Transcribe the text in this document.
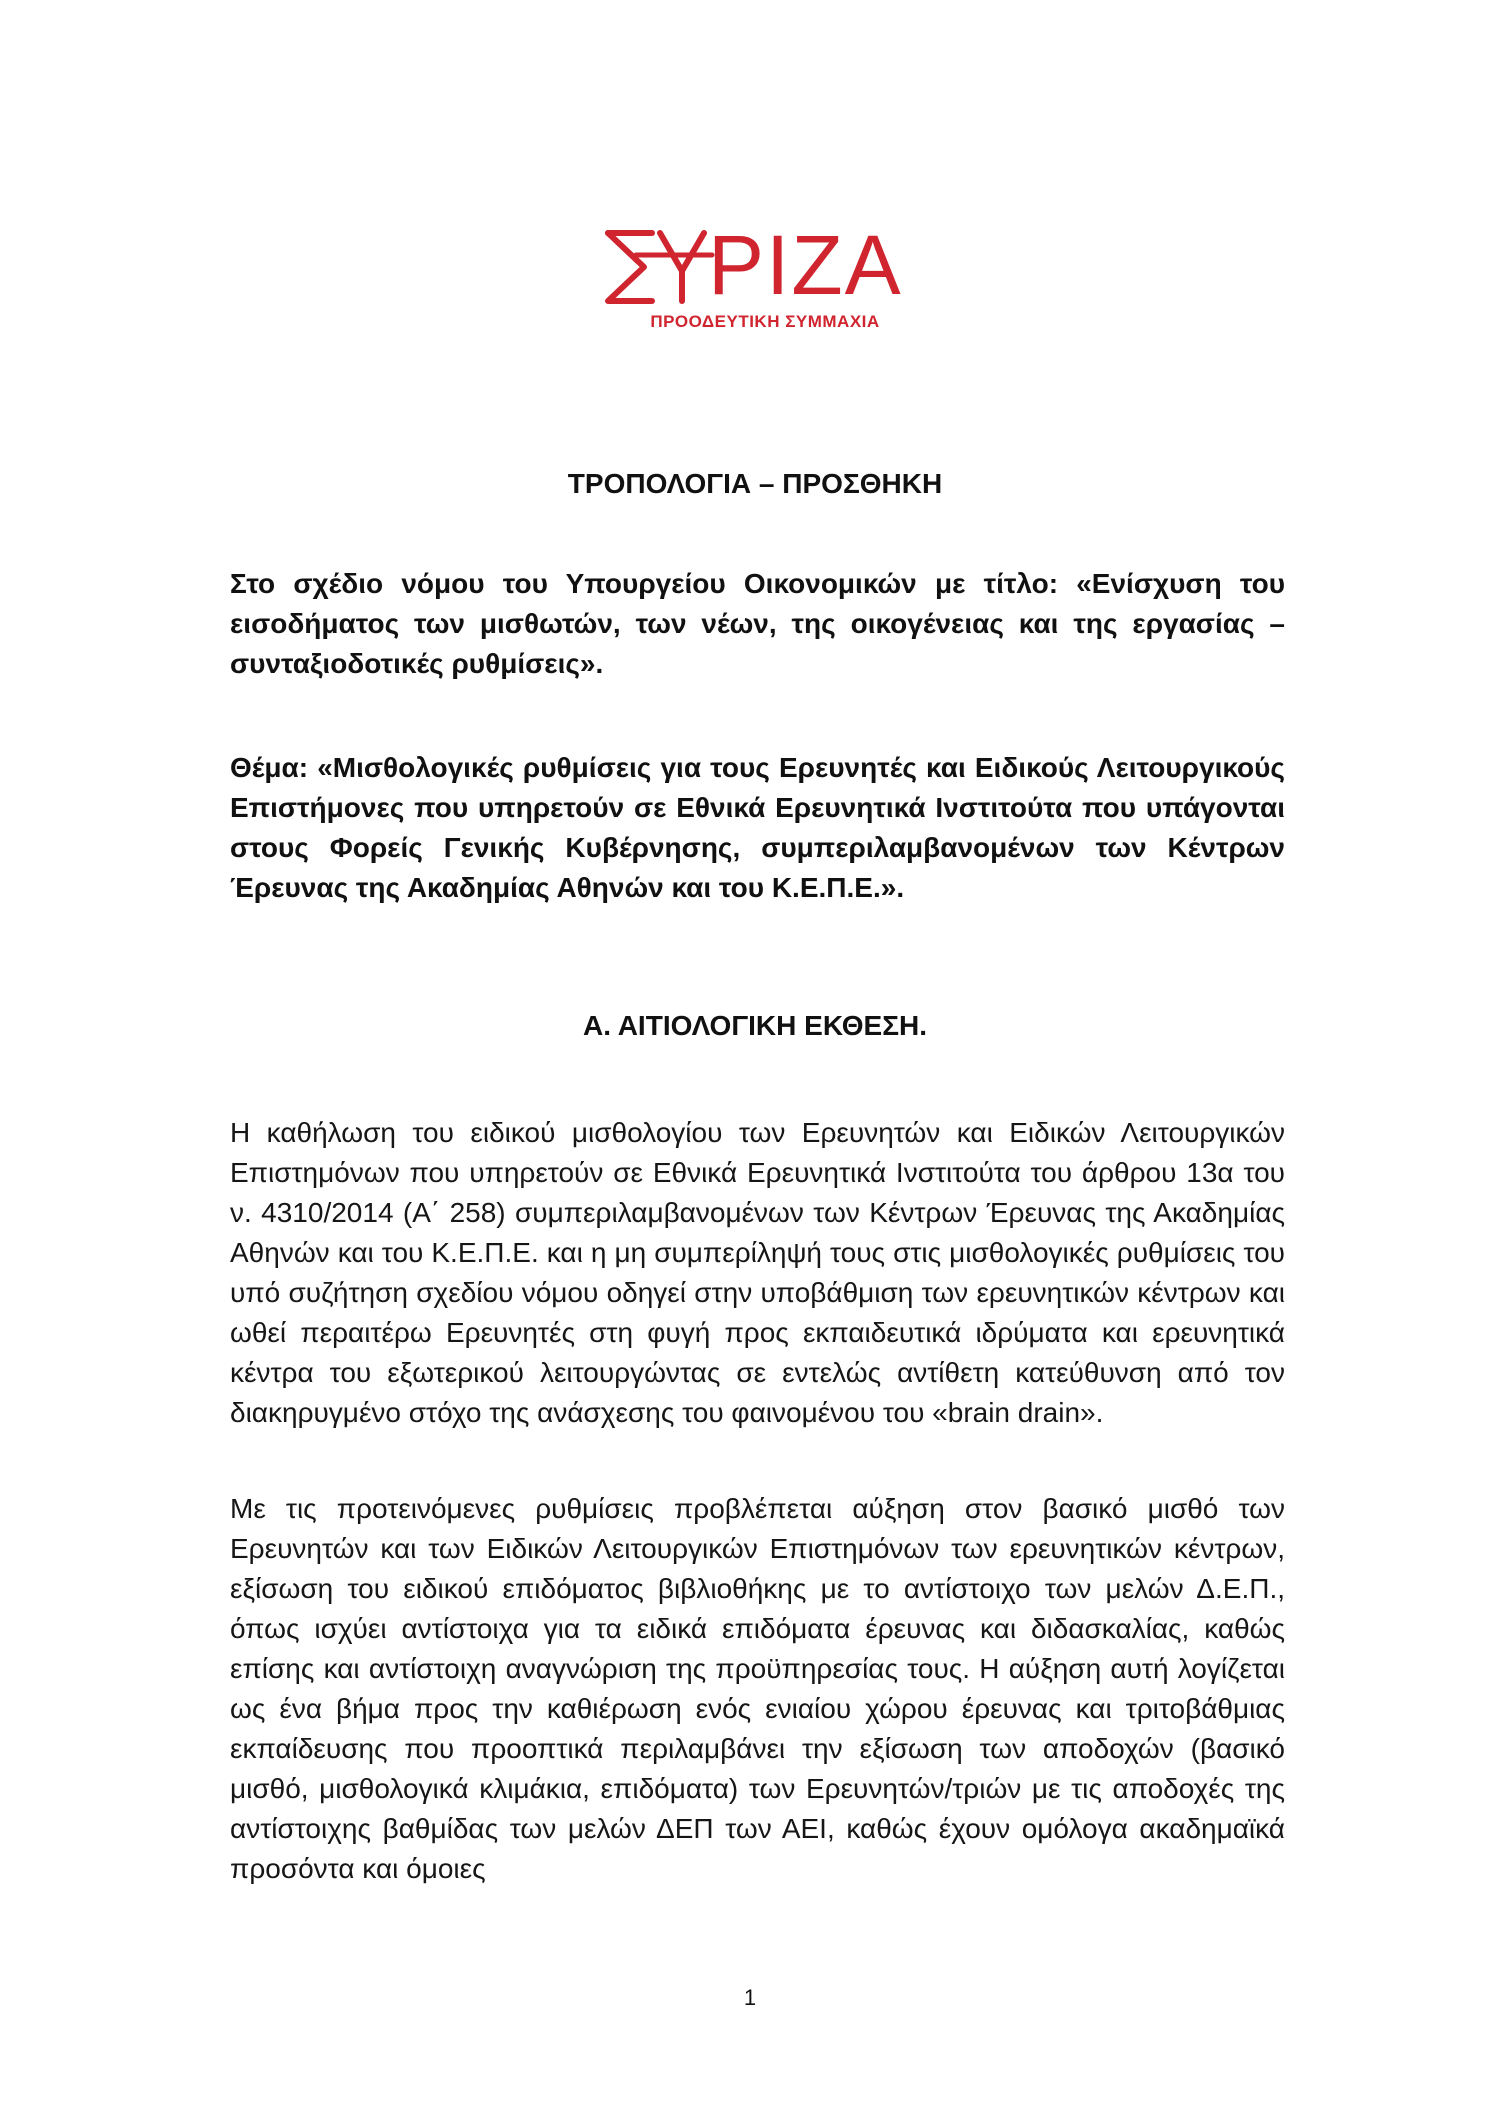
ΡΙΖΑ
ΠΡΟΟΔΕΥΤΙΚΗ ΣΥΜΜΑΧΙΑ
ΤΡΟΠΟΛΟΓΙΑ – ΠΡΟΣΘΗΚΗ

Στο σχέδιο νόμου του Υπουργείου Οικονομικών με τίτλο: «Ενίσχυση του εισοδήματος των μισθωτών, των νέων, της οικογένειας και της εργασίας – συνταξιοδοτικές ρυθμίσεις».

Θέμα: «Μισθολογικές ρυθμίσεις για τους Ερευνητές και Ειδικούς Λειτουργικούς Επιστήμονες που υπηρετούν σε Εθνικά Ερευνητικά Ινστιτούτα που υπάγονται στους Φορείς Γενικής Κυβέρνησης, συμπεριλαμβανομένων των Κέντρων Έρευνας της Ακαδημίας Αθηνών και του Κ.Ε.Π.Ε.».

Α. ΑΙΤΙΟΛΟΓΙΚΗ ΕΚΘΕΣΗ.

Η καθήλωση του ειδικού μισθολογίου των Ερευνητών και Ειδικών Λειτουργικών Επιστημόνων που υπηρετούν σε Εθνικά Ερευνητικά Ινστιτούτα του άρθρου 13α του ν. 4310/2014 (Α΄ 258) συμπεριλαμβανομένων των Κέντρων Έρευνας της Ακαδημίας Αθηνών και του Κ.Ε.Π.Ε. και η μη συμπερίληψή τους στις μισθολογικές ρυθμίσεις του υπό συζήτηση σχεδίου νόμου οδηγεί στην υποβάθμιση των ερευνητικών κέντρων και ωθεί περαιτέρω Ερευνητές στη φυγή προς εκπαιδευτικά ιδρύματα και ερευνητικά κέντρα του εξωτερικού λειτουργώντας σε εντελώς αντίθετη κατεύθυνση από τον διακηρυγμένο στόχο της ανάσχεσης του φαινομένου του «brain drain».

Με τις προτεινόμενες ρυθμίσεις προβλέπεται αύξηση στον βασικό μισθό των Ερευνητών και των Ειδικών Λειτουργικών Επιστημόνων των ερευνητικών κέντρων, εξίσωση του ειδικού επιδόματος βιβλιοθήκης με το αντίστοιχο των μελών Δ.Ε.Π., όπως ισχύει αντίστοιχα για τα ειδικά επιδόματα έρευνας και διδασκαλίας, καθώς επίσης και αντίστοιχη αναγνώριση της προϋπηρεσίας τους. Η αύξηση αυτή λογίζεται ως ένα βήμα προς την καθιέρωση ενός ενιαίου χώρου έρευνας και τριτοβάθμιας εκπαίδευσης που προοπτικά περιλαμβάνει την εξίσωση των αποδοχών (βασικό μισθό, μισθολογικά κλιμάκια, επιδόματα) των Ερευνητών/τριών με τις αποδοχές της αντίστοιχης βαθμίδας των μελών ΔΕΠ των ΑΕΙ, καθώς έχουν ομόλογα ακαδημαϊκά προσόντα και όμοιες

1
